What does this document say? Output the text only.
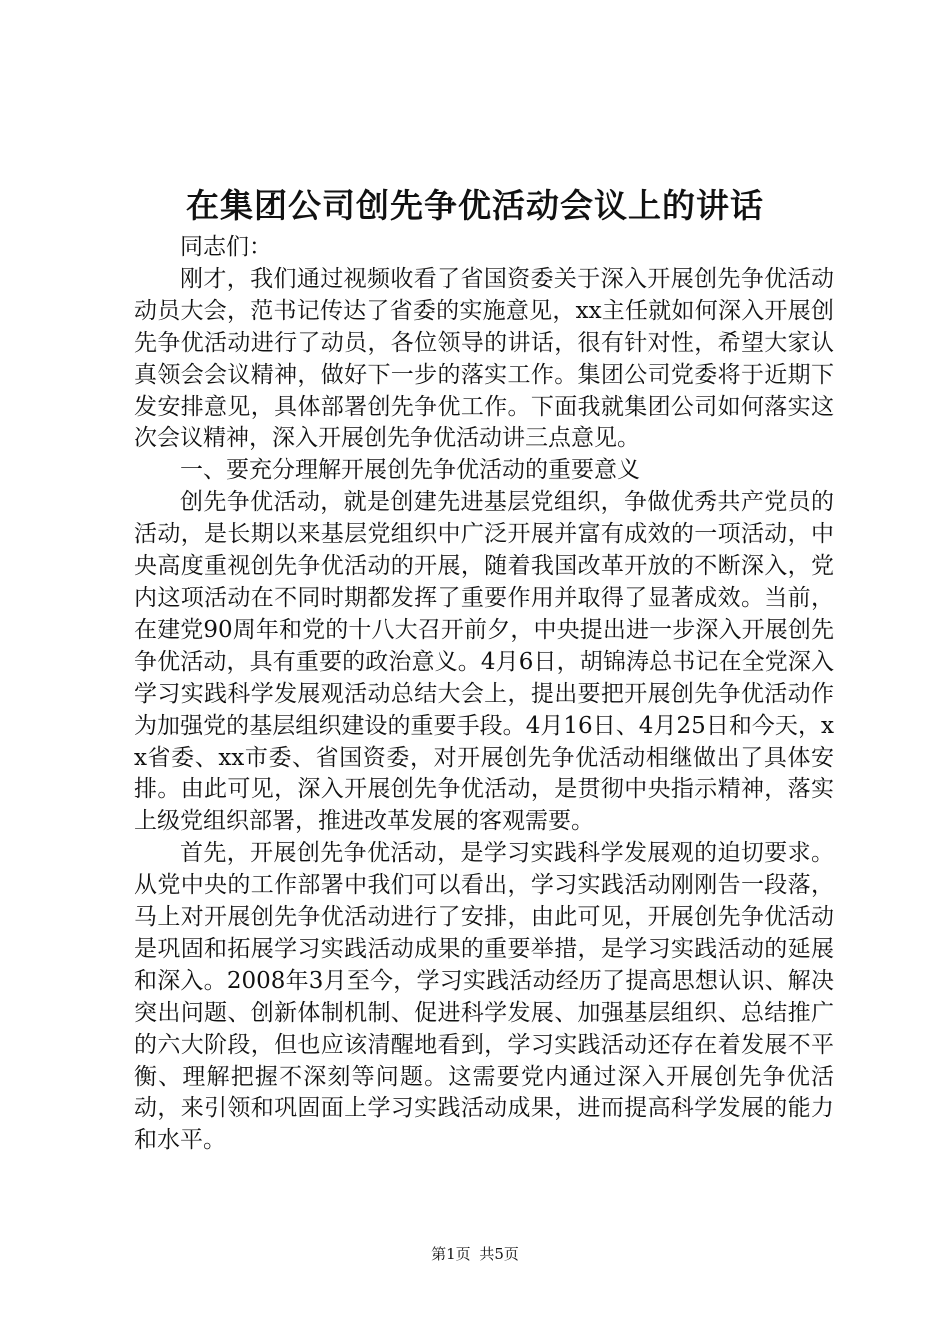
在集团公司创先争优活动会议上的讲话

同志们：

刚才，我们通过视频收看了省国资委关于深入开展创先争优活动动员大会，范书记传达了省委的实施意见，xx主任就如何深入开展创先争优活动进行了动员，各位领导的讲话，很有针对性，希望大家认真领会会议精神，做好下一步的落实工作。集团公司党委将于近期下发安排意见，具体部署创先争优工作。下面我就集团公司如何落实这次会议精神，深入开展创先争优活动讲三点意见。

一、要充分理解开展创先争优活动的重要意义

创先争优活动，就是创建先进基层党组织，争做优秀共产党员的活动，是长期以来基层党组织中广泛开展并富有成效的一项活动，中央高度重视创先争优活动的开展，随着我国改革开放的不断深入，党内这项活动在不同时期都发挥了重要作用并取得了显著成效。当前，在建党90周年和党的十八大召开前夕，中央提出进一步深入开展创先争优活动，具有重要的政治意义。4月6日，胡锦涛总书记在全党深入学习实践科学发展观活动总结大会上，提出要把开展创先争优活动作为加强党的基层组织建设的重要手段。4月16日、4月25日和今天，xx省委、xx市委、省国资委，对开展创先争优活动相继做出了具体安排。由此可见，深入开展创先争优活动，是贯彻中央指示精神，落实上级党组织部署，推进改革发展的客观需要。

首先，开展创先争优活动，是学习实践科学发展观的迫切要求。从党中央的工作部署中我们可以看出，学习实践活动刚刚告一段落，马上对开展创先争优活动进行了安排，由此可见，开展创先争优活动是巩固和拓展学习实践活动成果的重要举措，是学习实践活动的延展和深入。2008年3月至今，学习实践活动经历了提高思想认识、解决突出问题、创新体制机制、促进科学发展、加强基层组织、总结推广的六大阶段，但也应该清醒地看到，学习实践活动还存在着发展不平衡、理解把握不深刻等问题。这需要党内通过深入开展创先争优活动，来引领和巩固面上学习实践活动成果，进而提高科学发展的能力和水平。

第1页 共5页
